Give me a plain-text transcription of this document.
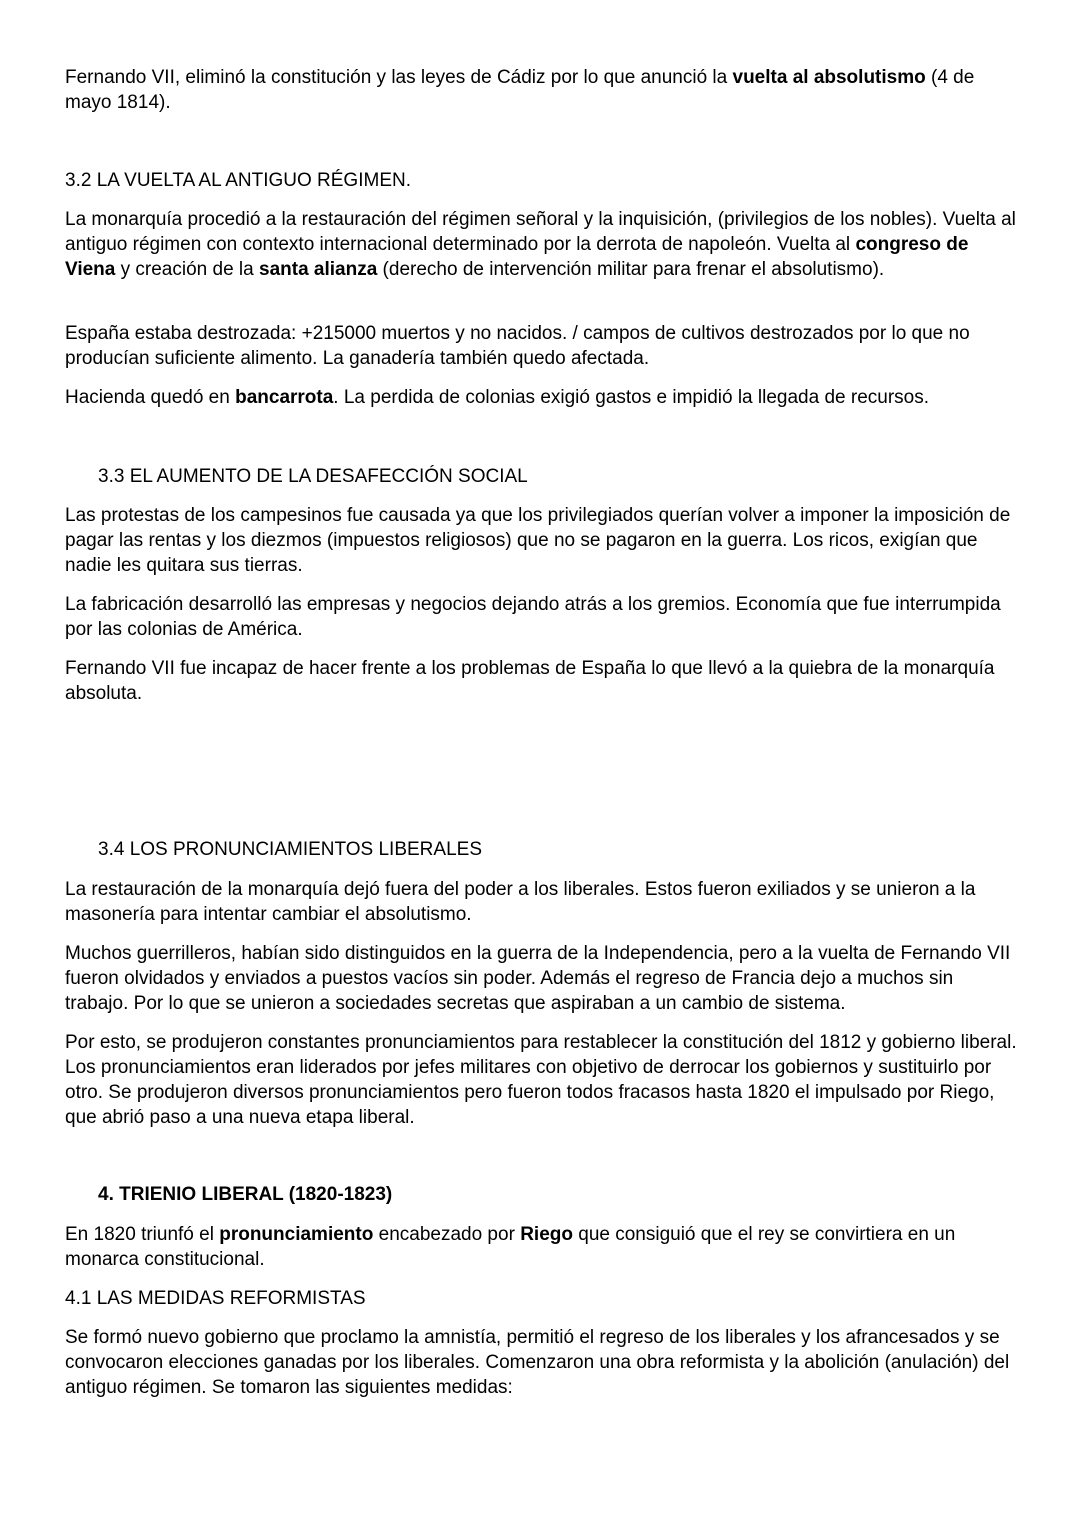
Fernando VII, eliminó la constitución y las leyes de Cádiz por lo que anunció la vuelta al absolutismo (4 de mayo 1814).

3.2 LA VUELTA AL ANTIGUO RÉGIMEN.

La monarquía procedió a la restauración del régimen señoral y la inquisición, (privilegios de los nobles). Vuelta al antiguo régimen con contexto internacional determinado por la derrota de napoleón. Vuelta al congreso de Viena y creación de la santa alianza (derecho de intervención militar para frenar el absolutismo).

España estaba destrozada: +215000 muertos y no nacidos. / campos de cultivos destrozados por lo que no producían suficiente alimento. La ganadería también quedo afectada.

Hacienda quedó en bancarrota. La perdida de colonias exigió gastos e impidió la llegada de recursos.

3.3 EL AUMENTO DE LA DESAFECCIÓN SOCIAL

Las protestas de los campesinos fue causada ya que los privilegiados querían volver a imponer la imposición de pagar las rentas y los diezmos (impuestos religiosos) que no se pagaron en la guerra. Los ricos, exigían que nadie les quitara sus tierras.

La fabricación desarrolló las empresas y negocios dejando atrás a los gremios. Economía que fue interrumpida por las colonias de América.

Fernando VII fue incapaz de hacer frente a los problemas de España lo que llevó a la quiebra de la monarquía absoluta.

3.4 LOS PRONUNCIAMIENTOS LIBERALES

La restauración de la monarquía dejó fuera del poder a los liberales. Estos fueron exiliados y se unieron a la masonería para intentar cambiar el absolutismo.

Muchos guerrilleros, habían sido distinguidos en la guerra de la Independencia, pero a la vuelta de Fernando VII fueron olvidados y enviados a puestos vacíos sin poder. Además el regreso de Francia dejo a muchos sin trabajo. Por lo que se unieron a sociedades secretas que aspiraban a un cambio de sistema.

Por esto, se produjeron constantes pronunciamientos para restablecer la constitución del 1812 y gobierno liberal. Los pronunciamientos eran liderados por jefes militares con objetivo de derrocar los gobiernos y sustituirlo por otro. Se produjeron diversos pronunciamientos pero fueron todos fracasos hasta 1820 el impulsado por Riego, que abrió paso a una nueva etapa liberal.

4. TRIENIO LIBERAL (1820-1823)

En 1820 triunfó el pronunciamiento encabezado por Riego que consiguió que el rey se convirtiera en un monarca constitucional.

4.1 LAS MEDIDAS REFORMISTAS

Se formó nuevo gobierno que proclamo la amnistía, permitió el regreso de los liberales y los afrancesados y se convocaron elecciones ganadas por los liberales. Comenzaron una obra reformista y la abolición (anulación) del antiguo régimen. Se tomaron las siguientes medidas:
